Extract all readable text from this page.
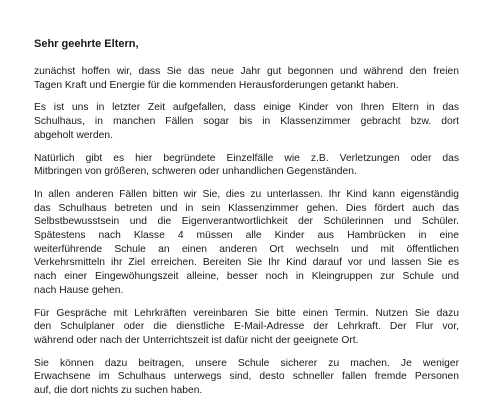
Sehr geehrte Eltern,
zunächst hoffen wir, dass Sie das neue Jahr gut begonnen und während den freien
Tagen Kraft und Energie für die kommenden Herausforderungen getankt haben.
Es ist uns in letzter Zeit aufgefallen, dass einige Kinder von Ihren Eltern in das
Schulhaus, in manchen Fällen sogar bis in Klassenzimmer gebracht bzw. dort
abgeholt werden.
Natürlich gibt es hier begründete Einzelfälle wie z.B. Verletzungen oder das
Mitbringen von größeren, schweren oder unhandlichen Gegenständen.
In allen anderen Fällen bitten wir Sie, dies zu unterlassen. Ihr Kind kann eigenständig
das Schulhaus betreten und in sein Klassenzimmer gehen. Dies fördert auch das
Selbstbewusstsein und die Eigenverantwortlichkeit der Schülerinnen und Schüler.
Spätestens nach Klasse 4 müssen alle Kinder aus Hambrücken in eine
weiterführende Schule an einen anderen Ort wechseln und mit öffentlichen
Verkehrsmitteln ihr Ziel erreichen. Bereiten Sie Ihr Kind darauf vor und lassen Sie es
nach einer Eingewöhungszeit alleine, besser noch in Kleingruppen zur Schule und
nach Hause gehen.
Für Gespräche mit Lehrkräften vereinbaren Sie bitte einen Termin. Nutzen Sie dazu
den Schulplaner oder die dienstliche E-Mail-Adresse der Lehrkraft. Der Flur vor,
während oder nach der Unterrichtszeit ist dafür nicht der geeignete Ort.
Sie können dazu beitragen, unsere Schule sicherer zu machen. Je weniger
Erwachsene im Schulhaus unterwegs sind, desto schneller fallen fremde Personen
auf, die dort nichts zu suchen haben.
